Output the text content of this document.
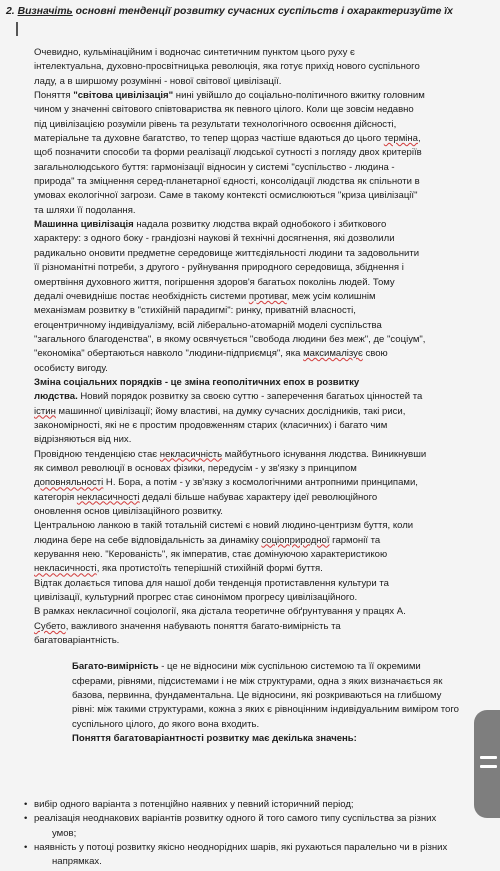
2. Визначіть основні тенденції розвитку сучасних суспільств і охарактеризуйте їх

Очевидно, кульмінаційним і водночас синтетичним пунктом цього руху є

інтелектуальна, духовно-просвітницька революція, яка готує прихід нового суспільного

ладу, а в ширшому розумінні - нової світової цивілізації.

Поняття "світова цивілізація" нині увійшло до соціально-політичного вжитку головним

чином у значенні світового співтовариства як певного цілого. Коли ще зовсім недавно

під цивілізацією розуміли рівень та результати технологічного освоєння дійсності,

матеріальне та духовне багатство, то тепер щораз частіше вдаються до цього терміна,

щоб позначити способи та форми реалізації людської сутності з погляду двох критеріїв

загальнолюдського буття: гармонізації відносин у системі "суспільство - людина -

природа" та зміцнення серед-планетарної єдності, консолідації людства як спільноти в

умовах екологічної загрози. Саме в такому контексті осмислюються "криза цивілізації"

та шляхи її подолання.

Машинна цивілізація надала розвитку людства вкрай однобокого і збиткового

характеру: з одного боку - грандіозні наукові й технічні досягнення, які дозволили

радикально оновити предметне середовище життєдіяльності людини та задовольнити

її різноманітні потреби, з другого - руйнування природного середовища, збіднення і

омертвіння духовного життя, погіршення здоров'я багатьох поколінь людей. Тому

дедалі очевиднішє постає необхідність системи противаг, меж усім колишнім

механізмам розвитку в "стихійній парадигмі": ринку, приватній власності,

егоцентричному індивідуалізму, всій ліберально-атомарній моделі суспільства

"загального благоденства", в якому освячується "свобода людини без меж", де "соціум",

"економіка" обертаються навколо "людини-підприємця", яка максималізує свою

особисту вигоду.

Зміна соціальних порядків - це зміна геополітичних епох в розвитку

людства. Новий порядок розвитку за своєю суттю - заперечення багатьох цінностей та

істин машинної цивілізації; йому властиві, на думку сучасних дослідників, такі риси,

закономірності, які не є простим продовженням старих (класичних) і багато чим

відрізняються від них.

Провідною тенденцією стає некласичність майбутнього існування людства. Виникнувши

як символ революції в основах фізики, передусім - у зв'язку з принципом

доповняльності Н. Бора, а потім - у зв'язку з космологічними антропними принципами,

категорія некласичності дедалі більше набуває характеру ідеї революційного

оновлення основ цивілізаційного розвитку.

Центральною ланкою в такій тотальній системі є новий людино-центризм буття, коли

людина бере на себе відповідальність за динаміку соціоприродної гармонії та

керування нею. "Керованість", як імператив, стає домінуючою характеристикою

некласичності, яка протистоїть теперішній стихійній формі буття.

Відтак долається типова для нашої доби тенденція протиставлення культури та

цивілізації, культурний прогрес стає синонімом прогресу цивілізаційного.

В рамках некласичної соціології, яка дістала теоретичне обґрунтування у працях А.

Субето, важливого значення набувають поняття багато-вимірність та

багатоваріантність.

Багато-вимірність - це не відносини між суспільною системою та її окремими

сферами, рівнями, підсистемами і не між структурами, одна з яких визначається як

базова, первинна, фундаментальна. Це відносини, які розкриваються на глибшому

рівні: між такими структурами, кожна з яких є рівноцінним індивідуальним виміром того

суспільного цілого, до якого вона входить.

Поняття багатоваріантності розвитку має декілька значень:

• вибір одного варіанта з потенційно наявних у певний історичний період;
• реалізація неоднакових варіантів розвитку одного й того самого типу суспільства за різних
умов;
• наявність у потоці розвитку якісно неоднорідних шарів, які рухаються паралельно чи в різних
напрямках.
